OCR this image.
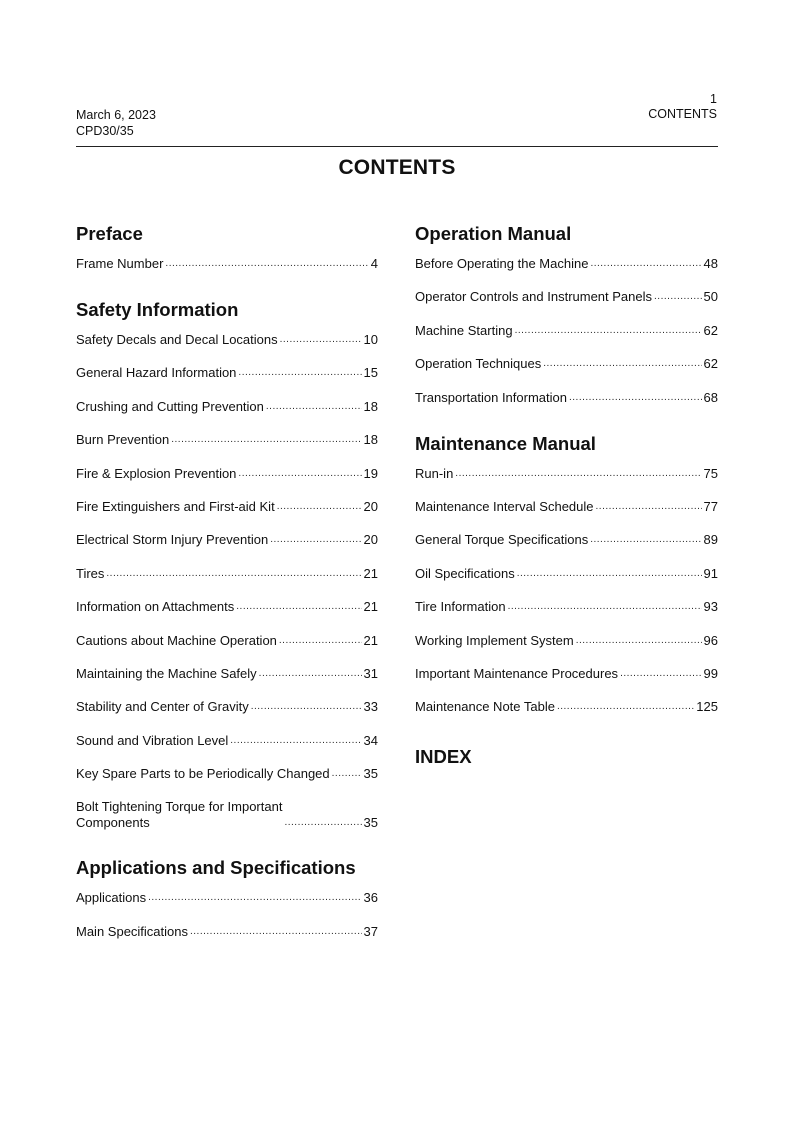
1
CONTENTS
March 6, 2023
CPD30/35
CONTENTS
Preface
Frame Number .....	4
Safety Information
Safety Decals and Decal Locations .....	10
General Hazard Information .....	15
Crushing and Cutting Prevention .....	18
Burn Prevention .....	18
Fire & Explosion Prevention .....	19
Fire Extinguishers and First-aid Kit .....	20
Electrical Storm Injury Prevention .....	20
Tires .....	21
Information on Attachments .....	21
Cautions about Machine Operation .....	21
Maintaining the Machine Safely .....	31
Stability and Center of Gravity .....	33
Sound and Vibration Level .....	34
Key Spare Parts to be Periodically Changed .....	35
Bolt Tightening Torque for Important
Components .....	35
Applications and Specifications
Applications .....	36
Main Specifications .....	37
Operation Manual
Before Operating the Machine .....	48
Operator Controls and Instrument Panels .....	50
Machine Starting .....	62
Operation Techniques .....	62
Transportation Information .....	68
Maintenance Manual
Run-in .....	75
Maintenance Interval Schedule .....	77
General Torque Specifications .....	89
Oil Specifications .....	91
Tire Information .....	93
Working Implement System .....	96
Important Maintenance Procedures .....	99
Maintenance Note Table .....	125
INDEX
